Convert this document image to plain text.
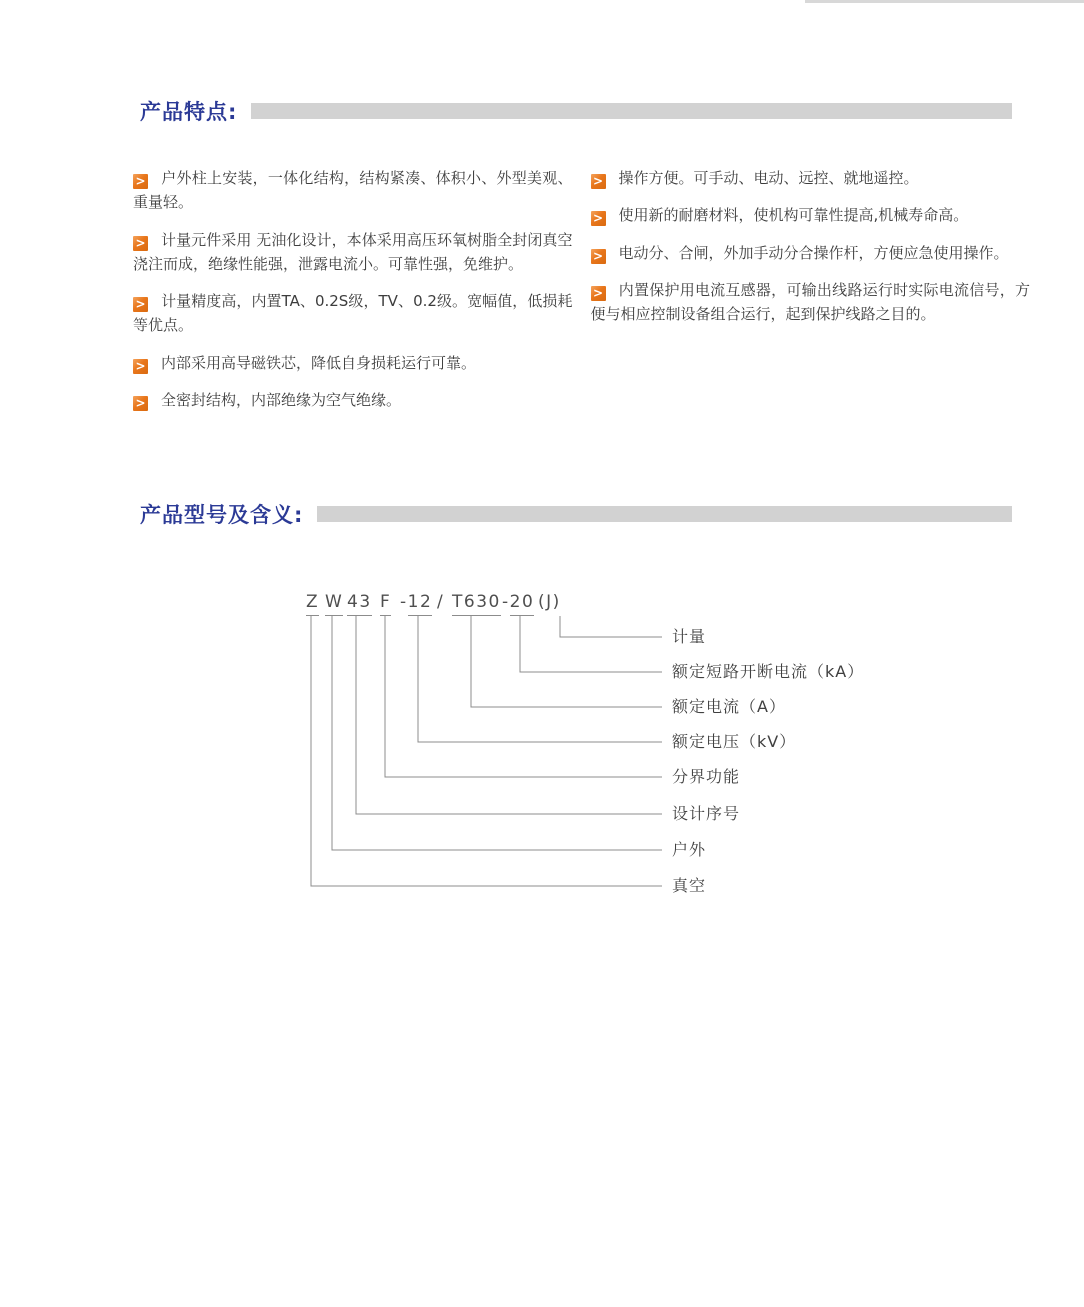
产品特点:

> 户外柱上安装，一体化结构，结构紧凑、体积小、外型美观、重量轻。

> 计量元件采用 无油化设计，本体采用高压环氧树脂全封闭真空浇注而成，绝缘性能强，泄露电流小。可靠性强，免维护。

> 计量精度高，内置TA、0.2S级，TV、0.2级。宽幅值，低损耗等优点。

> 内部采用高导磁铁芯，降低自身损耗运行可靠。

> 全密封结构，内部绝缘为空气绝缘。

> 操作方便。可手动、电动、远控、就地遥控。

> 使用新的耐磨材料，使机构可靠性提高,机械寿命高。

> 电动分、合闸，外加手动分合操作杆，方便应急使用操作。

> 内置保护用电流互感器，可输出线路运行时实际电流信号，方便与相应控制设备组合运行，起到保护线路之目的。

产品型号及含义:
Z W 43 F -12 / T630 -20 (J)
真空
户外
设计序号
分界功能
额定电压（kV）
额定电流（A）
额定短路开断电流（kA）
计量
